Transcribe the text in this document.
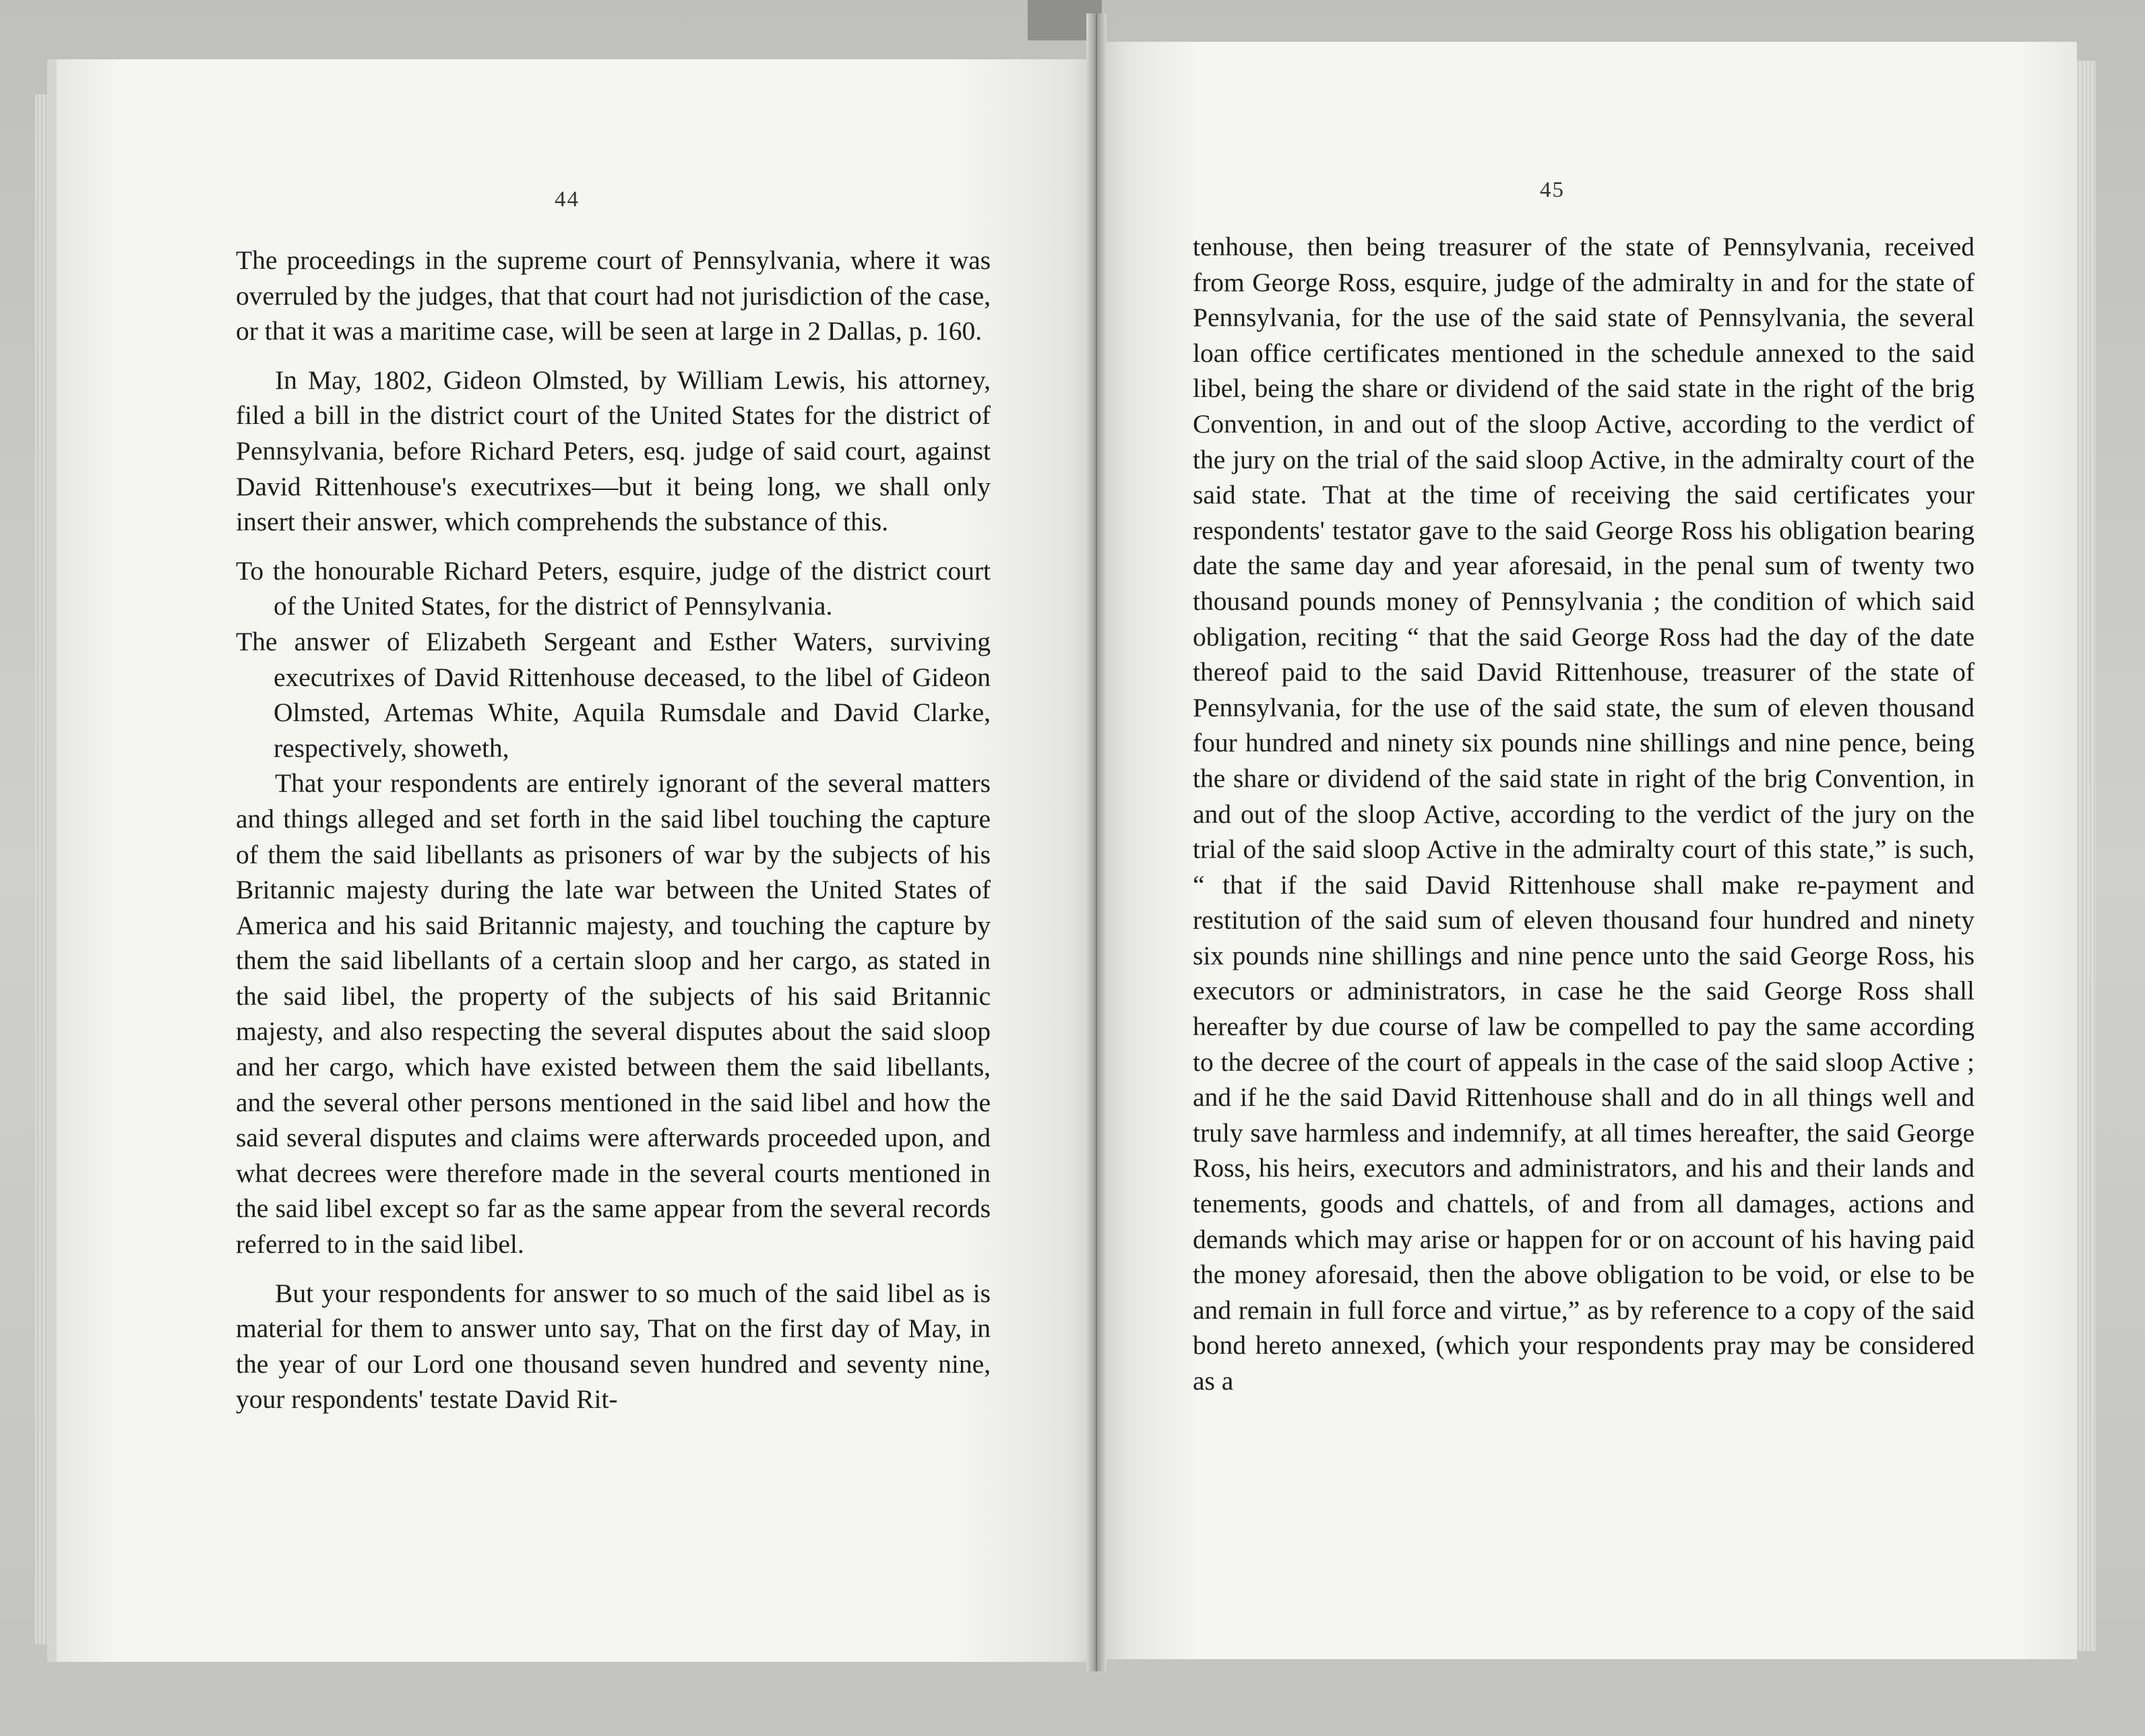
44	45

The proceedings in the supreme court of Pennsylvania, where it was overruled by the judges, that that court had not jurisdiction of the case, or that it was a maritime case, will be seen at large in 2 Dallas, p. 160.

In May, 1802, Gideon Olmsted, by William Lewis, his attorney, filed a bill in the district court of the United States for the district of Pennsylvania, before Richard Peters, esq. judge of said court, against David Rittenhouse's executrixes—but it being long, we shall only insert their answer, which comprehends the substance of this.

To the honourable Richard Peters, esquire, judge of the district court of the United States, for the district of Pennsylvania.

The answer of Elizabeth Sergeant and Esther Waters, surviving executrixes of David Rittenhouse deceased, to the libel of Gideon Olmsted, Artemas White, Aquila Rumsdale and David Clarke, respectively, showeth,

That your respondents are entirely ignorant of the several matters and things alleged and set forth in the said libel touching the capture of them the said libellants as prisoners of war by the subjects of his Britannic majesty during the late war between the United States of America and his said Britannic majesty, and touching the capture by them the said libellants of a certain sloop and her cargo, as stated in the said libel, the property of the subjects of his said Britannic majesty, and also respecting the several disputes about the said sloop and her cargo, which have existed between them the said libellants, and the several other persons mentioned in the said libel and how the said several disputes and claims were afterwards proceeded upon, and what decrees were therefore made in the several courts mentioned in the said libel except so far as the same appear from the several records referred to in the said libel.

But your respondents for answer to so much of the said libel as is material for them to answer unto say, That on the first day of May, in the year of our Lord one thousand seven hundred and seventy nine, your respondents' testate David Rit-

tenhouse, then being treasurer of the state of Pennsylvania, received from George Ross, esquire, judge of the admiralty in and for the state of Pennsylvania, for the use of the said state of Pennsylvania, the several loan office certificates mentioned in the schedule annexed to the said libel, being the share or dividend of the said state in the right of the brig Convention, in and out of the sloop Active, according to the verdict of the jury on the trial of the said sloop Active, in the admiralty court of the said state. That at the time of receiving the said certificates your respondents' testator gave to the said George Ross his obligation bearing date the same day and year aforesaid, in the penal sum of twenty two thousand pounds money of Pennsylvania ; the condition of which said obligation, reciting “ that the said George Ross had the day of the date thereof paid to the said David Rittenhouse, treasurer of the state of Pennsylvania, for the use of the said state, the sum of eleven thousand four hundred and ninety six pounds nine shillings and nine pence, being the share or dividend of the said state in right of the brig Convention, in and out of the sloop Active, according to the verdict of the jury on the trial of the said sloop Active in the admiralty court of this state,” is such, “ that if the said David Rittenhouse shall make re-payment and restitution of the said sum of eleven thousand four hundred and ninety six pounds nine shillings and nine pence unto the said George Ross, his executors or administrators, in case he the said George Ross shall hereafter by due course of law be compelled to pay the same according to the decree of the court of appeals in the case of the said sloop Active ; and if he the said David Rittenhouse shall and do in all things well and truly save harmless and indemnify, at all times hereafter, the said George Ross, his heirs, executors and administrators, and his and their lands and tenements, goods and chattels, of and from all damages, actions and demands which may arise or happen for or on account of his having paid the money aforesaid, then the above obligation to be void, or else to be and remain in full force and virtue,” as by reference to a copy of the said bond hereto annexed, (which your respondents pray may be considered as a
